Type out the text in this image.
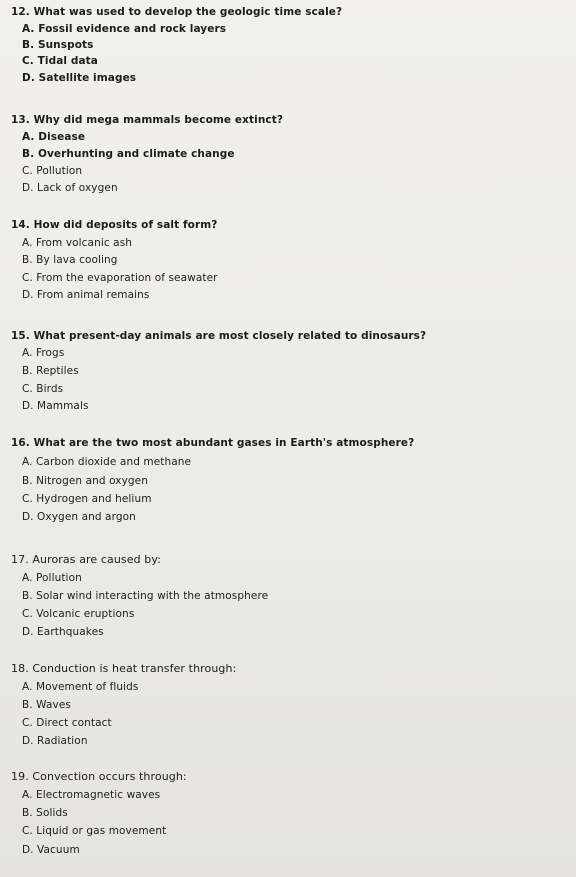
12. What was used to develop the geologic time scale?
A. Fossil evidence and rock layers
B. Sunspots
C. Tidal data
D. Satellite images
13. Why did mega mammals become extinct?
A. Disease
B. Overhunting and climate change
C. Pollution
D. Lack of oxygen
14. How did deposits of salt form?
A. From volcanic ash
B. By lava cooling
C. From the evaporation of seawater
D. From animal remains
15. What present-day animals are most closely related to dinosaurs?
A. Frogs
B. Reptiles
C. Birds
D. Mammals
16. What are the two most abundant gases in Earth's atmosphere?
A. Carbon dioxide and methane
B. Nitrogen and oxygen
C. Hydrogen and helium
D. Oxygen and argon
17. Auroras are caused by:
A. Pollution
B. Solar wind interacting with the atmosphere
C. Volcanic eruptions
D. Earthquakes
18. Conduction is heat transfer through:
A. Movement of fluids
B. Waves
C. Direct contact
D. Radiation
19. Convection occurs through:
A. Electromagnetic waves
B. Solids
C. Liquid or gas movement
D. Vacuum
